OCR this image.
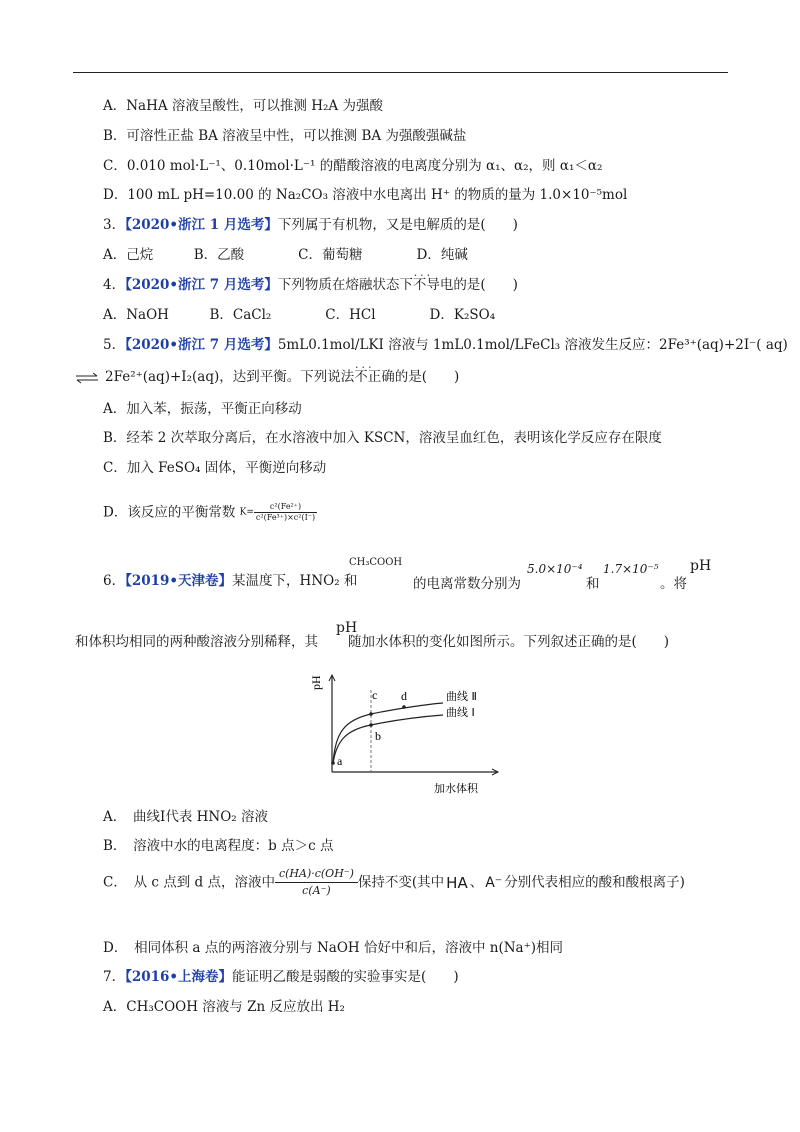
A．NaHA 溶液呈酸性，可以推测 H₂A 为强酸
B．可溶性正盐 BA 溶液呈中性，可以推测 BA 为强酸强碱盐
C．0.010 mol·L⁻¹、0.10mol·L⁻¹ 的醋酸溶液的电离度分别为 α₁、α₂，则 α₁＜α₂
D．100 mL pH=10.00 的 Na₂CO₃ 溶液中水电离出 H⁺ 的物质的量为 1.0×10⁻⁵mol
3．【2020•浙江 1 月选考】下列属于有机物，又是电解质的是(　　)
A．己烷　　　B．乙酸　　　　C．葡萄糖　　　　D．纯碱
4．【2020•浙江 7 月选考】下列物质在熔融状态下• • • 不导电的是(　　)
A．NaOH　　　B．CaCl₂　　　　C．HCl　　　　D．K₂SO₄
5．【2020•浙江 7 月选考】5mL0.1mol/LKI 溶液与 1mL0.1mol/LFeCl₃ 溶液发生反应：2Fe³⁺(aq)+2I⁻( aq)
⇌ 2Fe²⁺(aq)+I₂(aq)，达到平衡。下列说法• • • 不正确的是(　　)
A．加入苯，振荡，平衡正向移动
B．经苯 2 次萃取分离后，在水溶液中加入 KSCN，溶液呈血红色，表明该化学反应存在限度
C．加入 FeSO₄ 固体，平衡逆向移动
D．该反应的平衡常数 $K= \frac{\text{c²(Fe²⁺)}}{\text{c²(Fe³⁺)×c²(I⁻)}}$
6．【2019•天津卷】某温度下，HNO₂ 和
CH₃COOH
的电离常数分别为
5.0×10⁻⁴
和
1.7×10⁻⁵
。将
pH
和体积均相同的两种酸溶液分别稀释，其 随加水体积的变化如图所示。下列叙述正确的是(　　)
pH
pH
加水体积
曲线 Ⅱ
曲线 Ⅰ
a
c
b
d
A．　曲线Ⅰ代表 HNO₂ 溶液
B．　溶液中水的电离程度：b 点＞c 点
C．　从 c 点到 d 点，溶液中 $\frac{c(HA)\cdot c(OH^-)}{c(A^-)}$ 保持不变(其中 HA 、 A⁻ 分别代表相应的酸和酸根离子)
D．　相同体积 a 点的两溶液分别与 NaOH 恰好中和后，溶液中 n(Na⁺)相同
7．【2016•上海卷】能证明乙酸是弱酸的实验事实是(　　)
A．CH₃COOH 溶液与 Zn 反应放出 H₂
